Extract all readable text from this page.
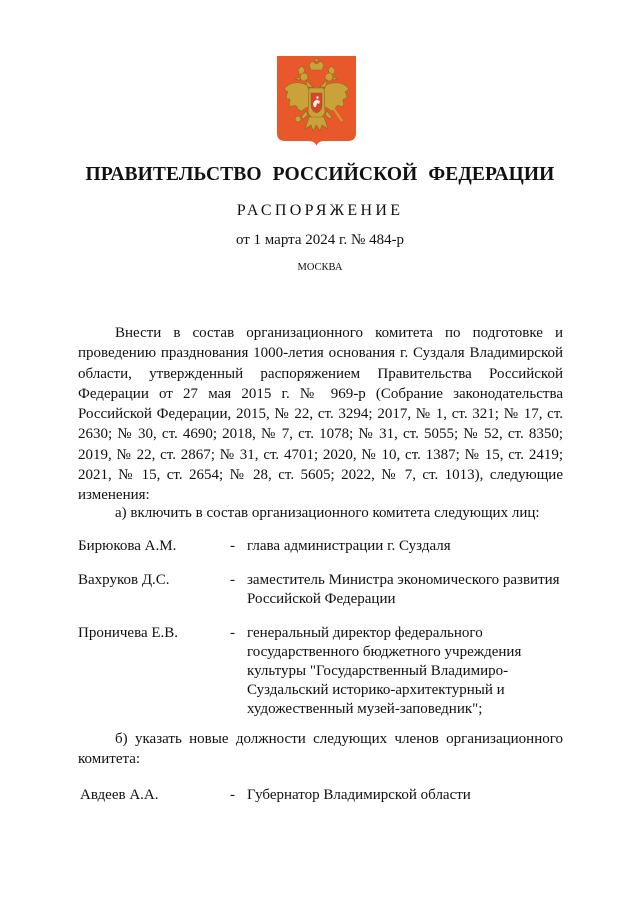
ПРАВИТЕЛЬСТВО РОССИЙСКОЙ ФЕДЕРАЦИИ
РАСПОРЯЖЕНИЕ
от 1 марта 2024 г. № 484-р
МОСКВА
Внести в состав организационного комитета по подготовке и проведению празднования 1000-летия основания г. Суздаля Владимирской области, утвержденный распоряжением Правительства Российской Федерации от 27 мая 2015 г. № 969-р (Собрание законодательства Российской Федерации, 2015, № 22, ст. 3294; 2017, № 1, ст. 321; № 17, ст. 2630; № 30, ст. 4690; 2018, № 7, ст. 1078; № 31, ст. 5055; № 52, ст. 8350; 2019, № 22, ст. 2867; № 31, ст. 4701; 2020, № 10, ст. 1387; № 15, ст. 2419; 2021, № 15, ст. 2654; № 28, ст. 5605; 2022, № 7, ст. 1013), следующие изменения:
а) включить в состав организационного комитета следующих лиц:
Бирюкова А.М.	- глава администрации г. Суздаля
Вахруков Д.С.	- заместитель Министра экономического развития Российской Федерации
Проничева Е.В.	- генеральный директор федерального государственного бюджетного учреждения культуры "Государственный Владимиро-Суздальский историко-архитектурный и художественный музей-заповедник";
б) указать новые должности следующих членов организационного комитета:
Авдеев А.А.	- Губернатор Владимирской области
